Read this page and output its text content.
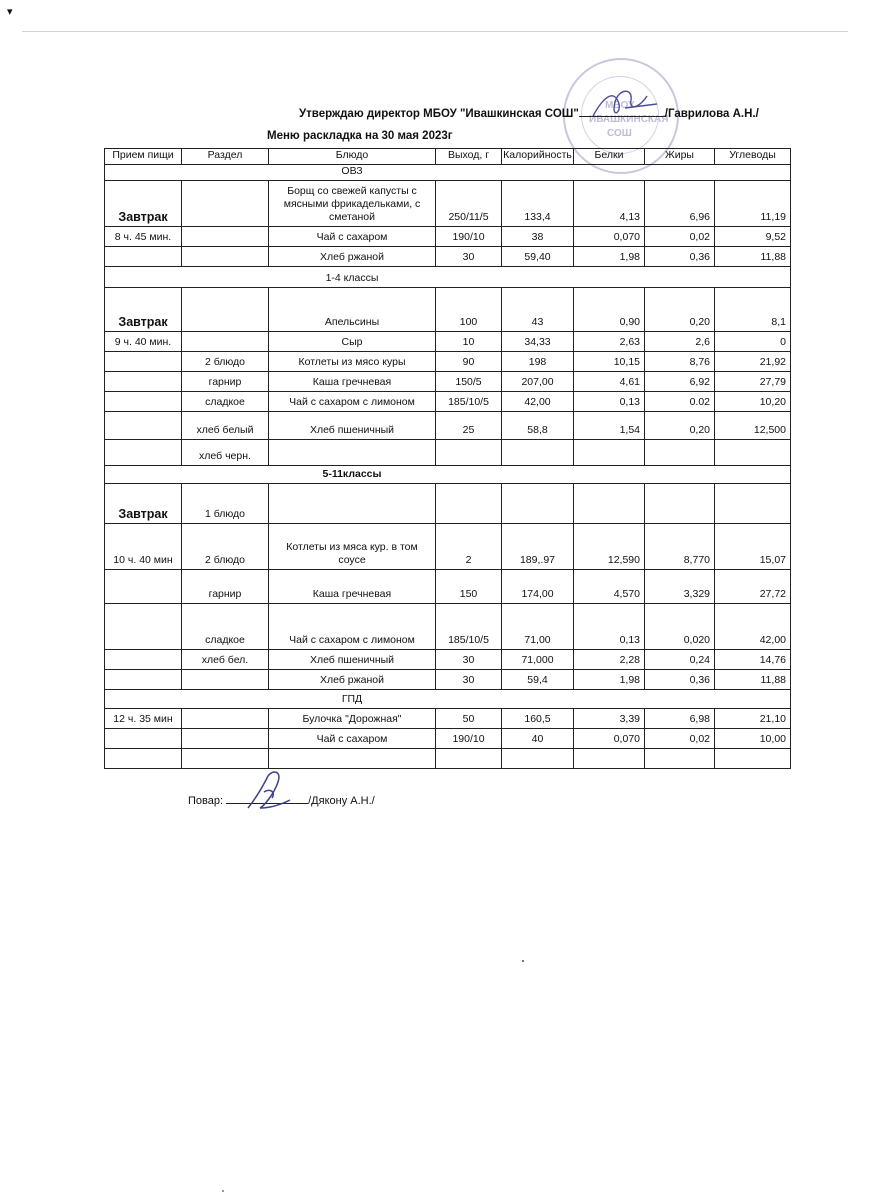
▾
МБОУ
ИВАШКИНСКАЯ
СОШ
Утверждаю директор МБОУ "Ивашкинская СОШ"	/Гаврилова А.Н./
Меню раскладка на 30 мая 2023г
Прием пищи	Раздел	Блюдо	Выход, г	Калорийность	Белки	Жиры	Углеводы
		ОВЗ					
Завтрак		Борщ со свежей капусты с мясными фрикадельками, с сметаной	250/11/5	133,4	4,13	6,96	11,19
8 ч. 45 мин.		Чай с сахаром	190/10	38	0,070	0,02	9,52
		Хлеб ржаной	30	59,40	1,98	0,36	11,88
		1-4 классы					
Завтрак		Апельсины	100	43	0,90	0,20	8,1
9 ч. 40 мин.		Сыр	10	34,33	2,63	2,6	0
	2 блюдо	Котлеты из мясо куры	90	198	10,15	8,76	21,92
	гарнир	Каша гречневая	150/5	207,00	4,61	6,92	27,79
	сладкое	Чай с сахаром с лимоном	185/10/5	42,00	0,13	0.02	10,20
	хлеб белый	Хлеб пшеничный	25	58,8	1,54	0,20	12,500
	хлеб черн.						
		5-11классы					
Завтрак	1 блюдо						
10 ч. 40 мин	2 блюдо	Котлеты из мяса кур. в том соусе	2	189,.97	12,590	8,770	15,07
	гарнир	Каша гречневая	150	174,00	4,570	3,329	27,72
	сладкое	Чай с сахаром с лимоном	185/10/5	71,00	0,13	0,020	42,00
	хлеб бел.	Хлеб пшеничный	30	71,000	2,28	0,24	14,76
		Хлеб ржаной	30	59,4	1,98	0,36	11,88
		ГПД					
12 ч. 35 мин		Булочка "Дорожная"	50	160,5	3,39	6,98	21,10
		Чай с сахаром	190/10	40	0,070	0,02	10,00

Повар:	/Дякону А.Н./
